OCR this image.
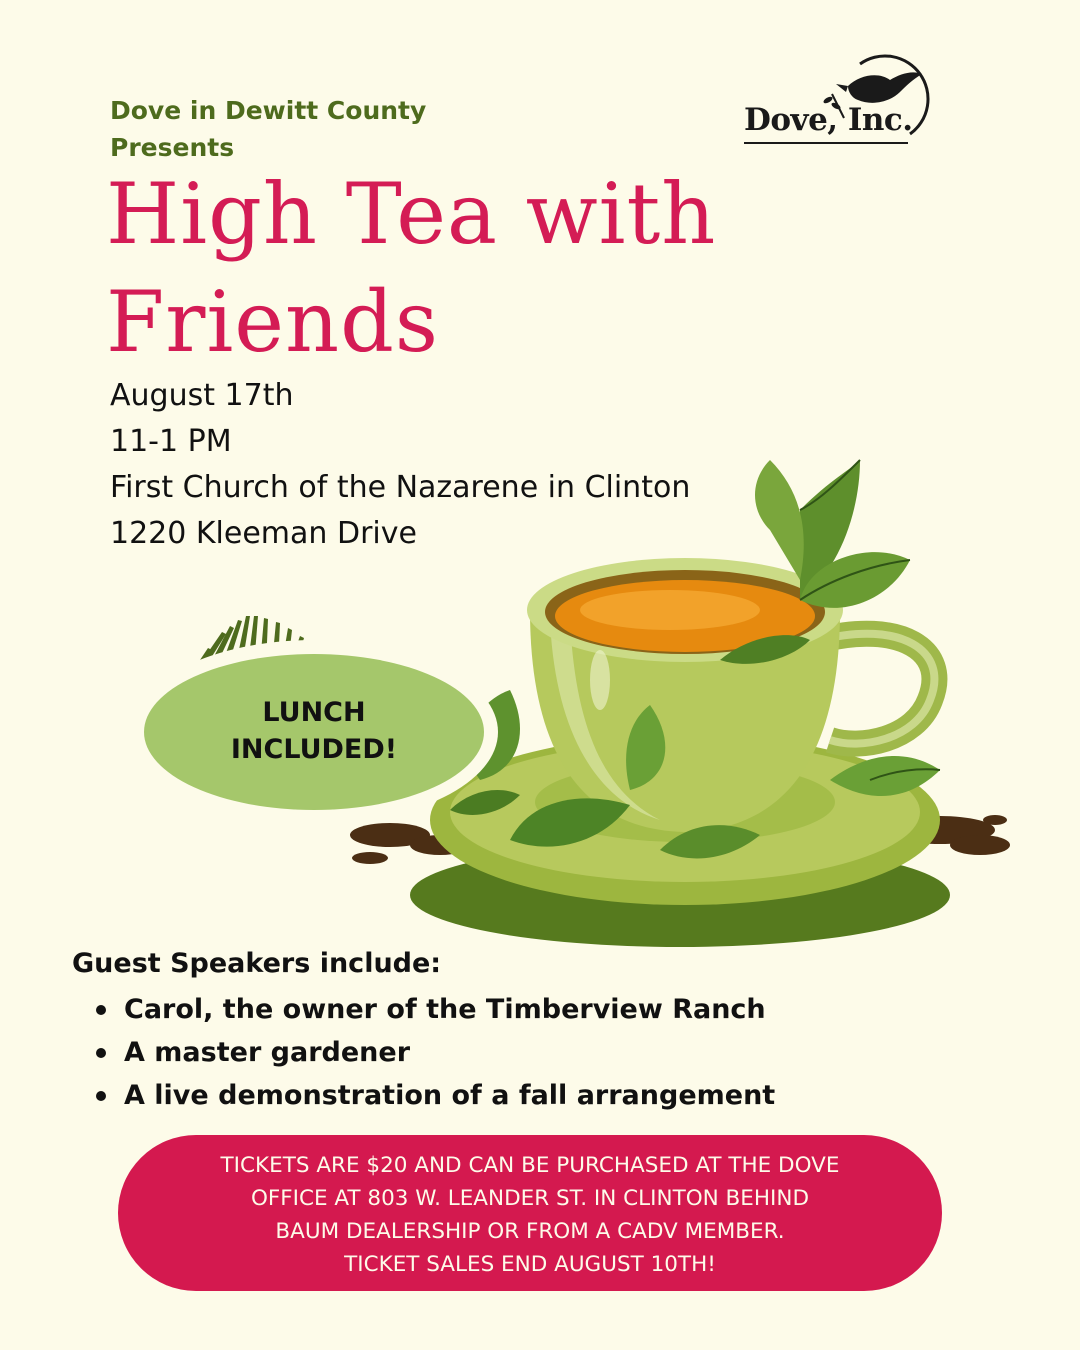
Dove in Dewitt County
Presents
High Tea with
Friends
Dove, Inc.
August 17th
11-1 PM
First Church of the Nazarene in Clinton
1220 Kleeman Drive
LUNCH
INCLUDED!
Guest Speakers include:
Carol, the owner of the Timberview Ranch
A master gardener
A live demonstration of a fall arrangement
TICKETS ARE $20 AND CAN BE PURCHASED AT THE DOVE
OFFICE AT 803 W. LEANDER ST. IN CLINTON BEHIND
BAUM DEALERSHIP OR FROM A CADV MEMBER.
TICKET SALES END AUGUST 10TH!
